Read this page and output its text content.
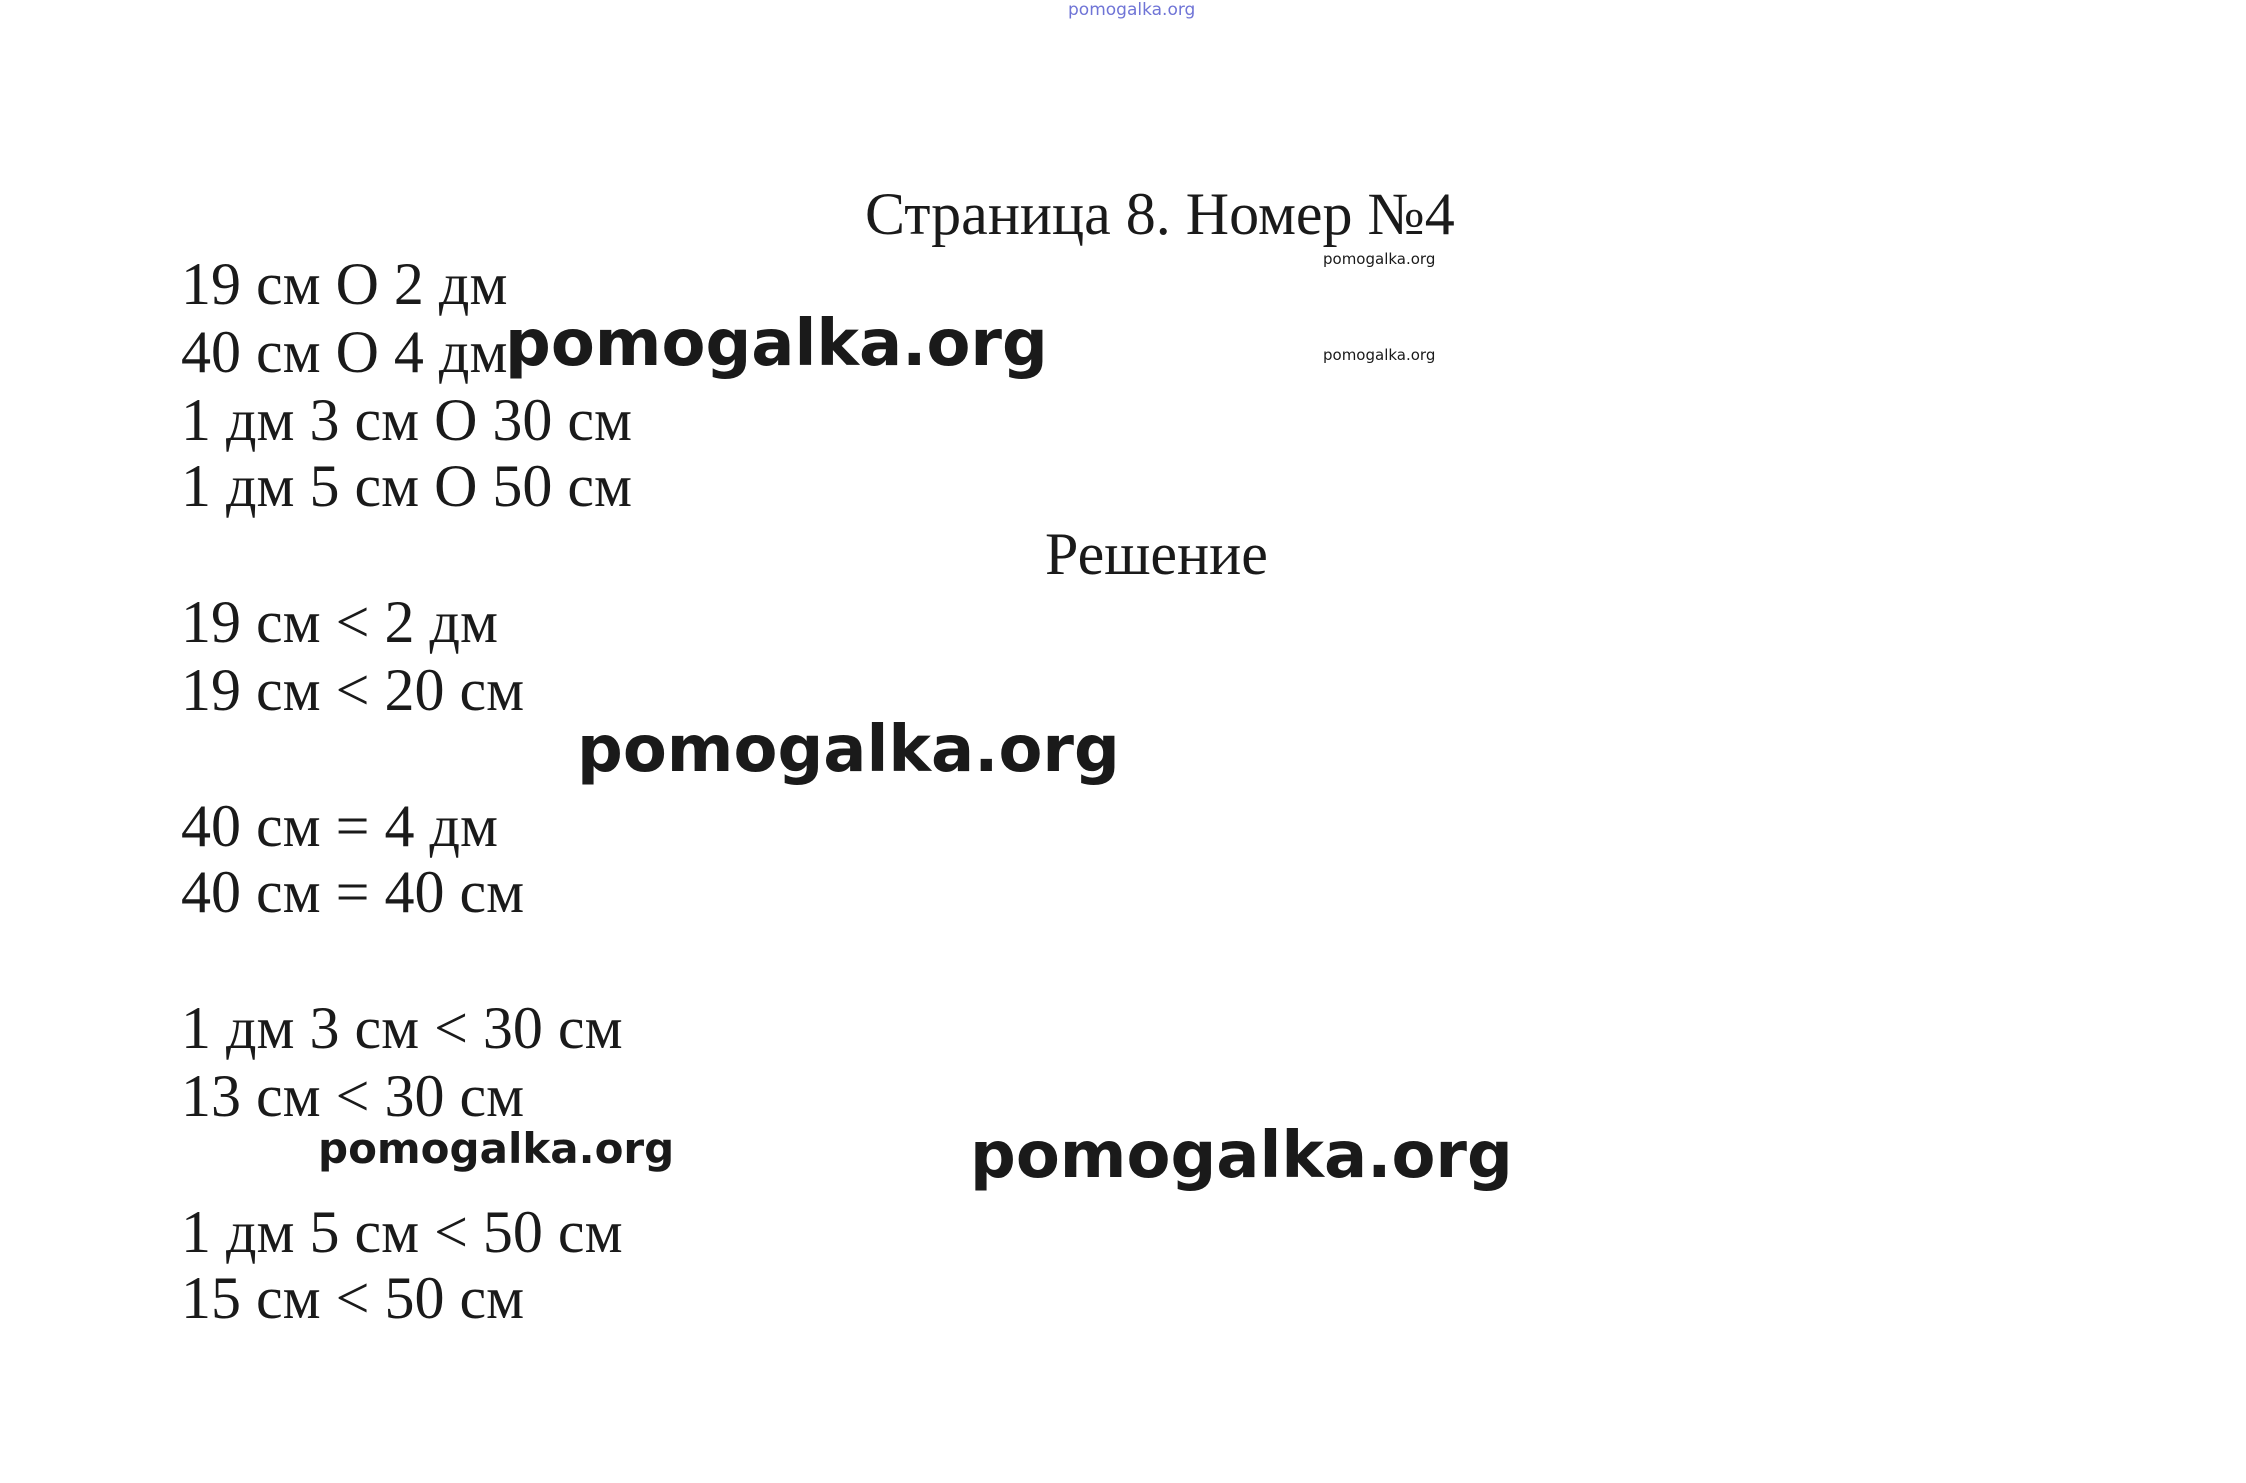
pomogalka.org
Страница 8. Номер №4
pomogalka.org
pomogalka.org
19 см О 2 дм
40 см О 4 дм
pomogalka.org
1 дм 3 см О 30 см
1 дм 5 см О 50 см
Решение
19 см < 2 дм
19 см < 20 см
pomogalka.org
40 см = 4 дм
40 см = 40 см
1 дм 3 см < 30 см
13 см < 30 см
pomogalka.org	pomogalka.org
1 дм 5 см < 50 см
15 см < 50 см
